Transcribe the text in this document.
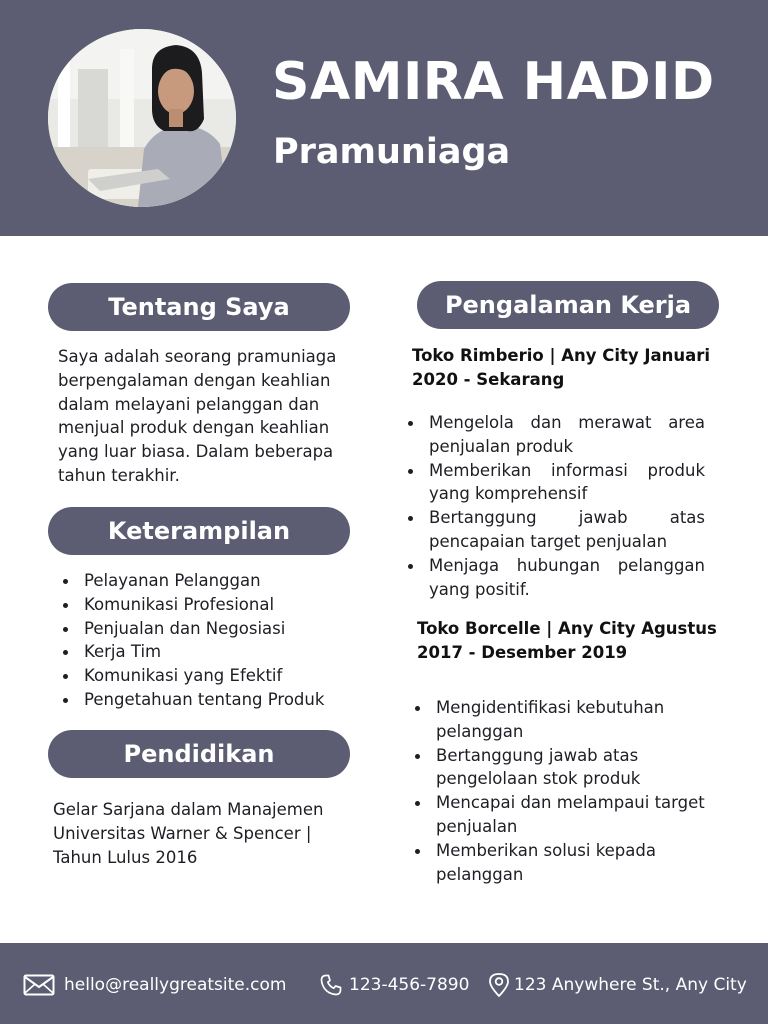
SAMIRA HADID
Pramuniaga
Tentang Saya
Saya adalah seorang pramuniaga berpengalaman dengan keahlian dalam melayani pelanggan dan menjual produk dengan keahlian yang luar biasa. Dalam beberapa tahun terakhir.
Keterampilan
Pelayanan Pelanggan
Komunikasi Profesional
Penjualan dan Negosiasi
Kerja Tim
Komunikasi yang Efektif
Pengetahuan tentang Produk
Pendidikan
Gelar Sarjana dalam Manajemen Universitas Warner & Spencer | Tahun Lulus 2016
Pengalaman Kerja
Toko Rimberio | Any City Januari 2020 - Sekarang
Mengelola dan merawat area penjualan produk
Memberikan informasi produk yang komprehensif
Bertanggung jawab atas pencapaian target penjualan
Menjaga hubungan pelanggan yang positif.
Toko Borcelle | Any City Agustus 2017 - Desember 2019
Mengidentifikasi kebutuhan pelanggan
Bertanggung jawab atas pengelolaan stok produk
Mencapai dan melampaui target penjualan
Memberikan solusi kepada pelanggan
hello@reallygreatsite.com	123-456-7890	123 Anywhere St., Any City
